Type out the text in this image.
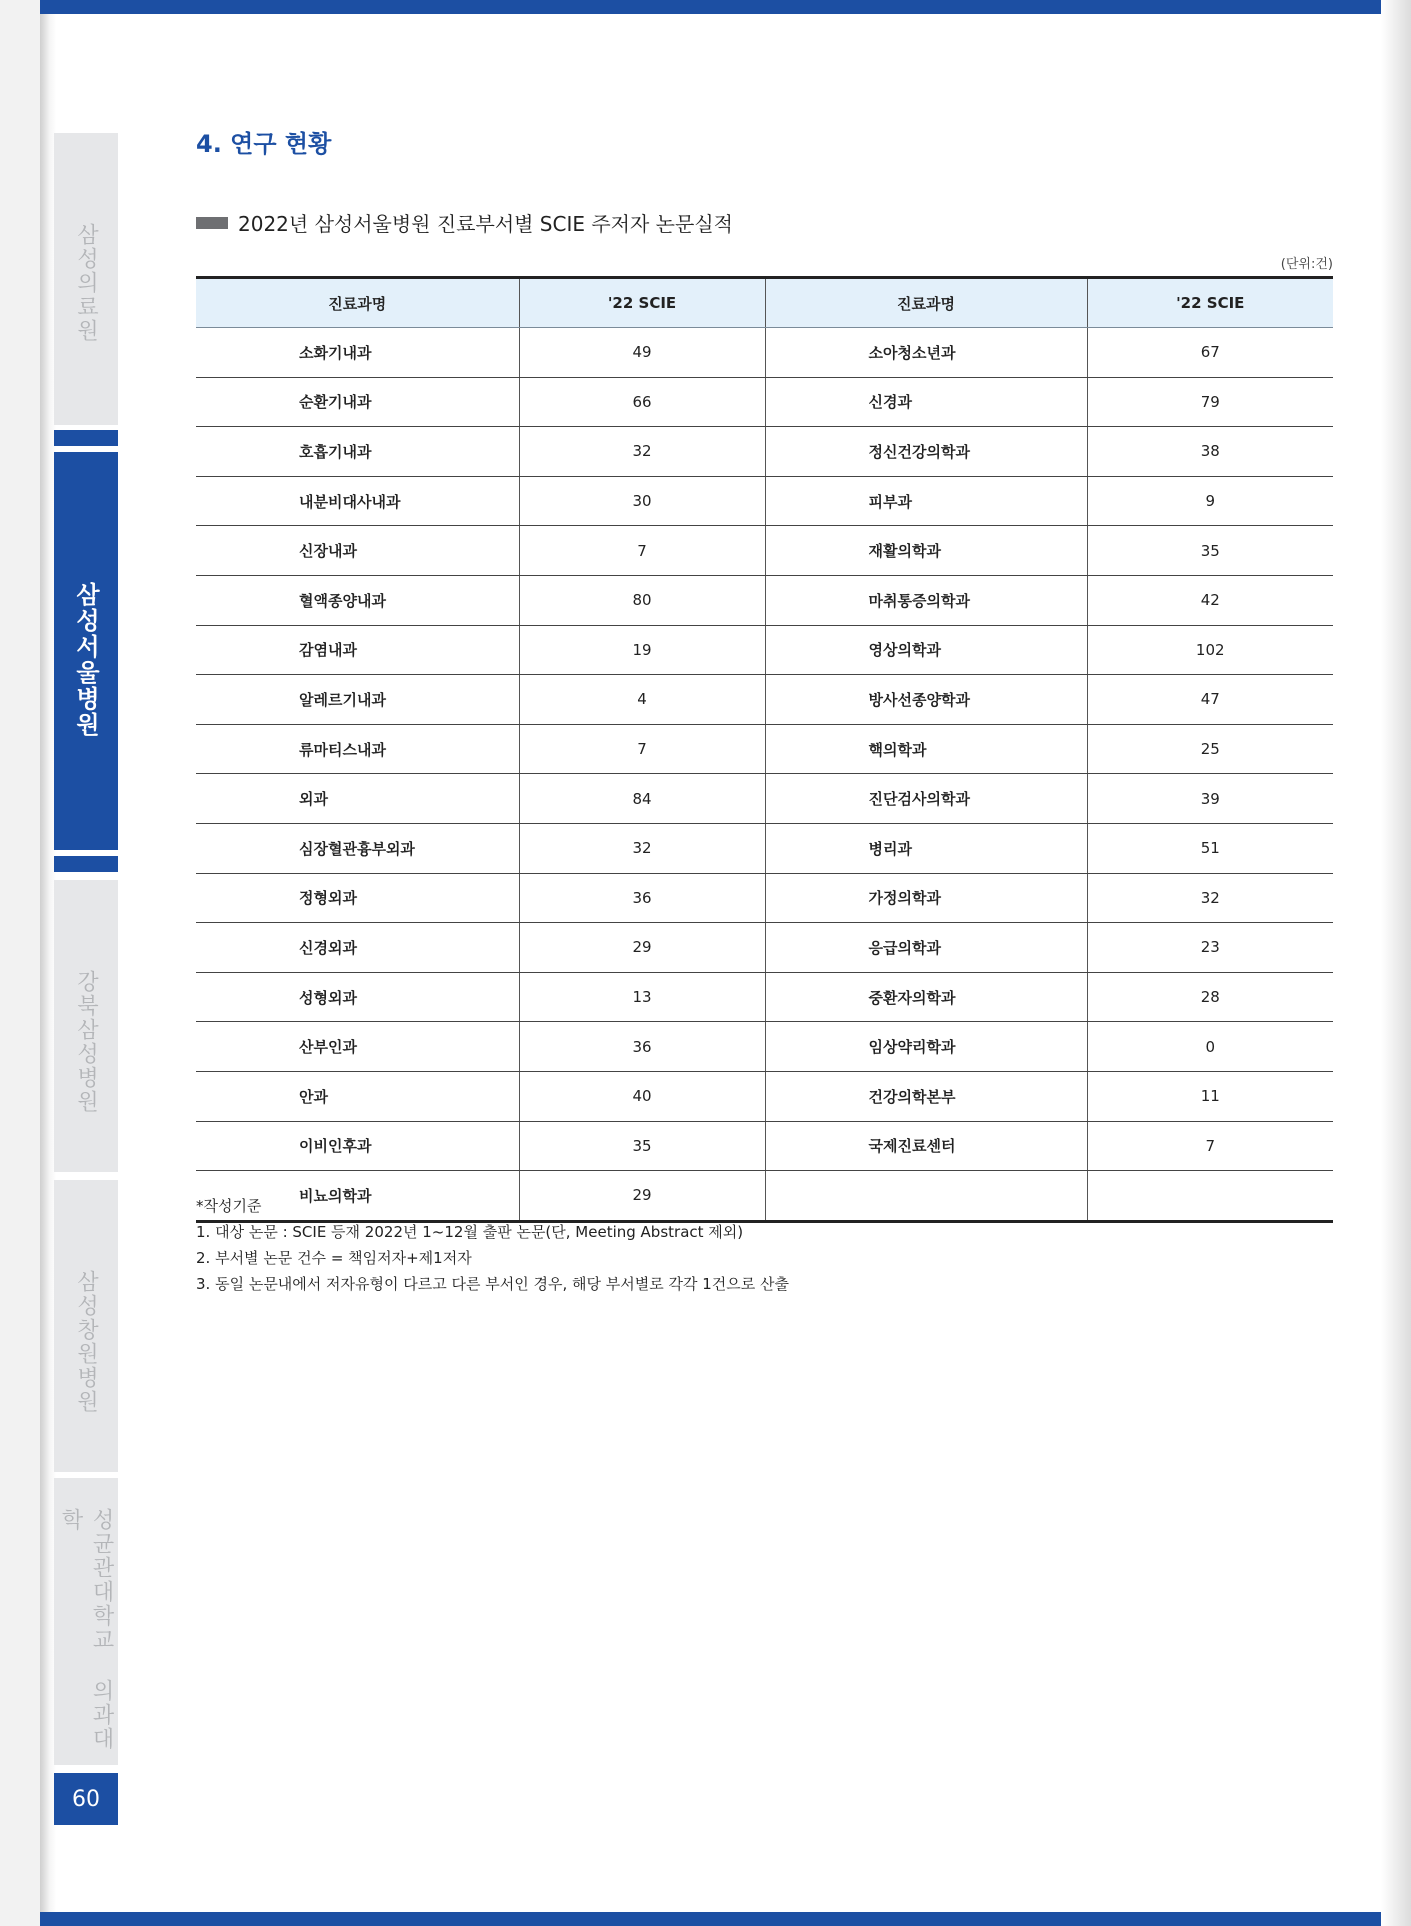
삼성의료원
삼성서울병원
강북삼성병원
삼성창원병원
성균관대학교 의과대학
60
4. 연구 현황
2022년 삼성서울병원 진료부서별 SCIE 주저자 논문실적
(단위:건)
진료과명	'22 SCIE	진료과명	'22 SCIE
소화기내과	49	소아청소년과	67
순환기내과	66	신경과	79
호흡기내과	32	정신건강의학과	38
내분비대사내과	30	피부과	9
신장내과	7	재활의학과	35
혈액종양내과	80	마취통증의학과	42
감염내과	19	영상의학과	102
알레르기내과	4	방사선종양학과	47
류마티스내과	7	핵의학과	25
외과	84	진단검사의학과	39
심장혈관흉부외과	32	병리과	51
정형외과	36	가정의학과	32
신경외과	29	응급의학과	23
성형외과	13	중환자의학과	28
산부인과	36	임상약리학과	0
안과	40	건강의학본부	11
이비인후과	35	국제진료센터	7
비뇨의학과	29		
*작성기준
1. 대상 논문 : SCIE 등재 2022년 1~12월 출판 논문(단, Meeting Abstract 제외)
2. 부서별 논문 건수 = 책임저자+제1저자
3. 동일 논문내에서 저자유형이 다르고 다른 부서인 경우, 해당 부서별로 각각 1건으로 산출
